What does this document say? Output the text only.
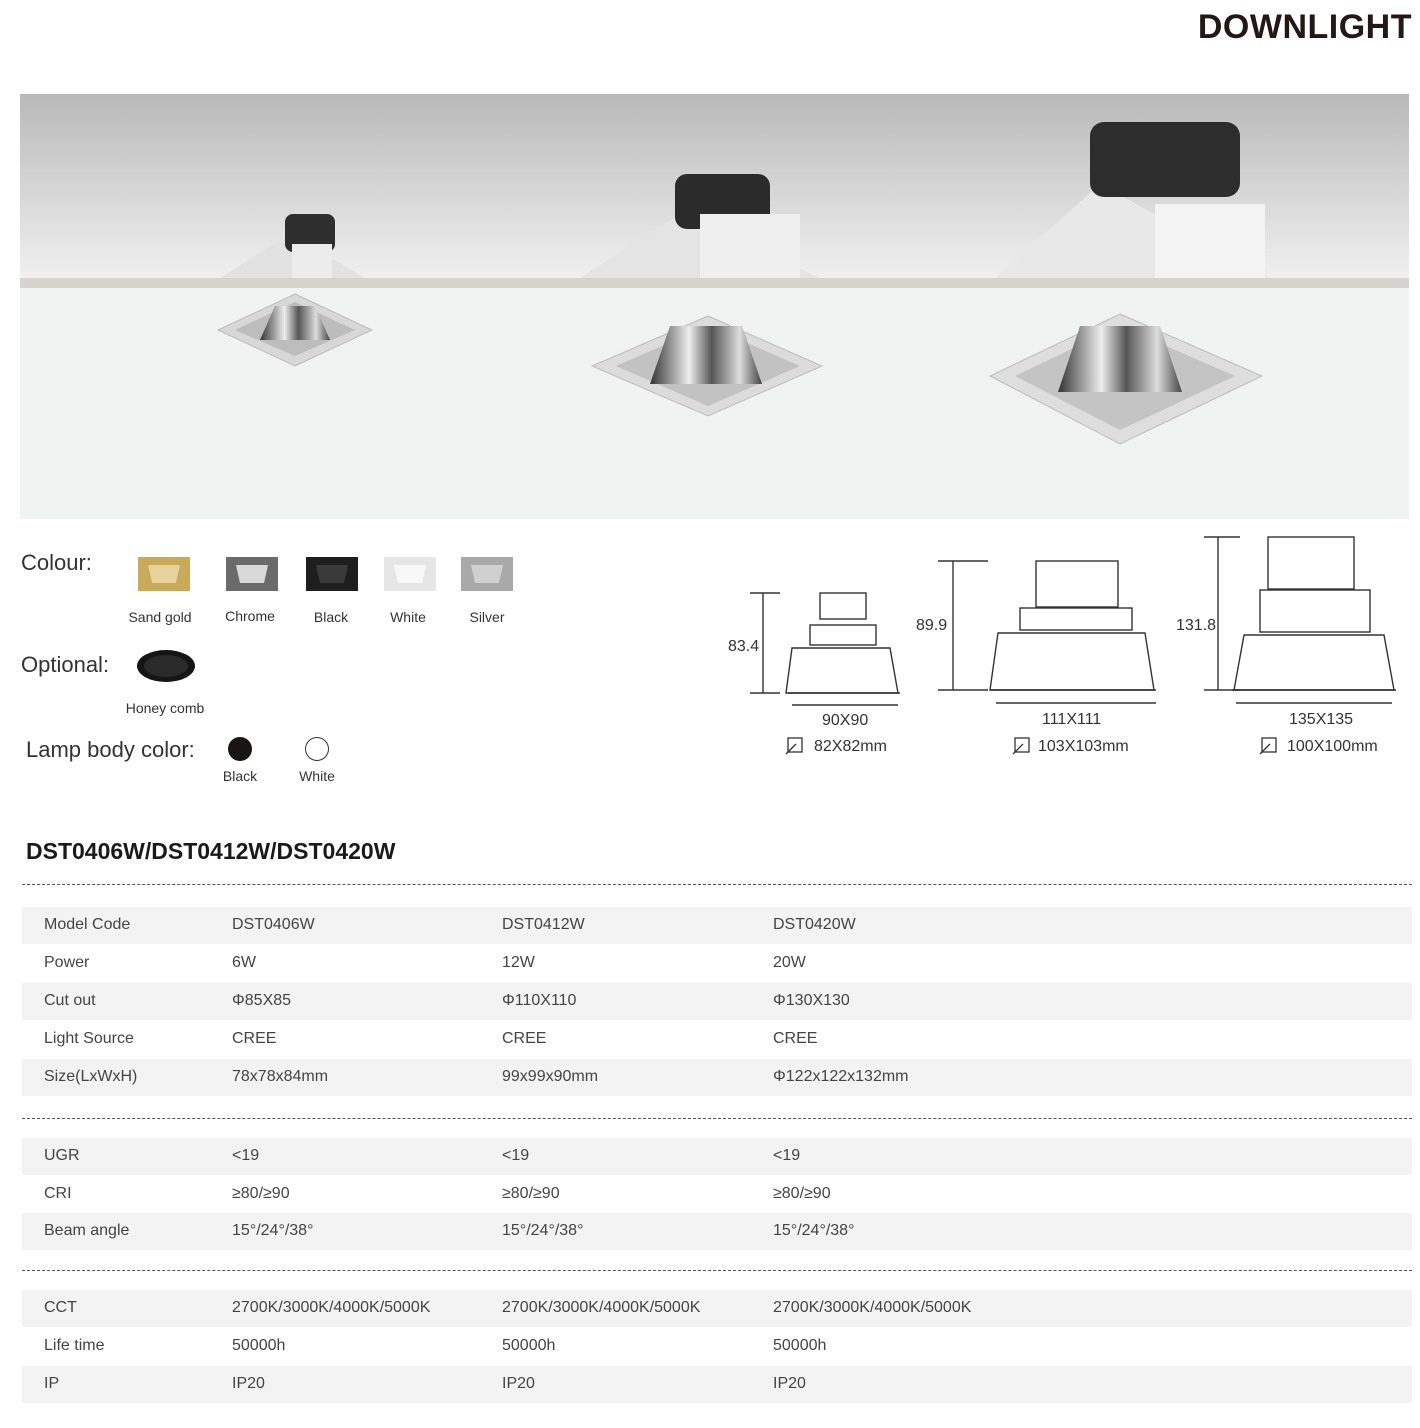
DOWNLIGHT
Colour:
Sand gold	Chrome	Black	White	Silver
Optional:
Honey comb
Lamp body color:
Black	White
83.4
90X90
82X82mm
89.9
111X111
103X103mm
131.8
135X135
100X100mm
DST0406W/DST0412W/DST0420W
Model Code	DST0406W	DST0412W	DST0420W
Power	6W	12W	20W
Cut out	Φ85X85	Φ110X110	Φ130X130
Light Source	CREE	CREE	CREE
Size(LxWxH)	78x78x84mm	99x99x90mm	Φ122x122x132mm
UGR	<19	<19	<19
CRI	≥80/≥90	≥80/≥90	≥80/≥90
Beam angle	15°/24°/38°	15°/24°/38°	15°/24°/38°
CCT	2700K/3000K/4000K/5000K	2700K/3000K/4000K/5000K	2700K/3000K/4000K/5000K
Life time	50000h	50000h	50000h
IP	IP20	IP20	IP20
